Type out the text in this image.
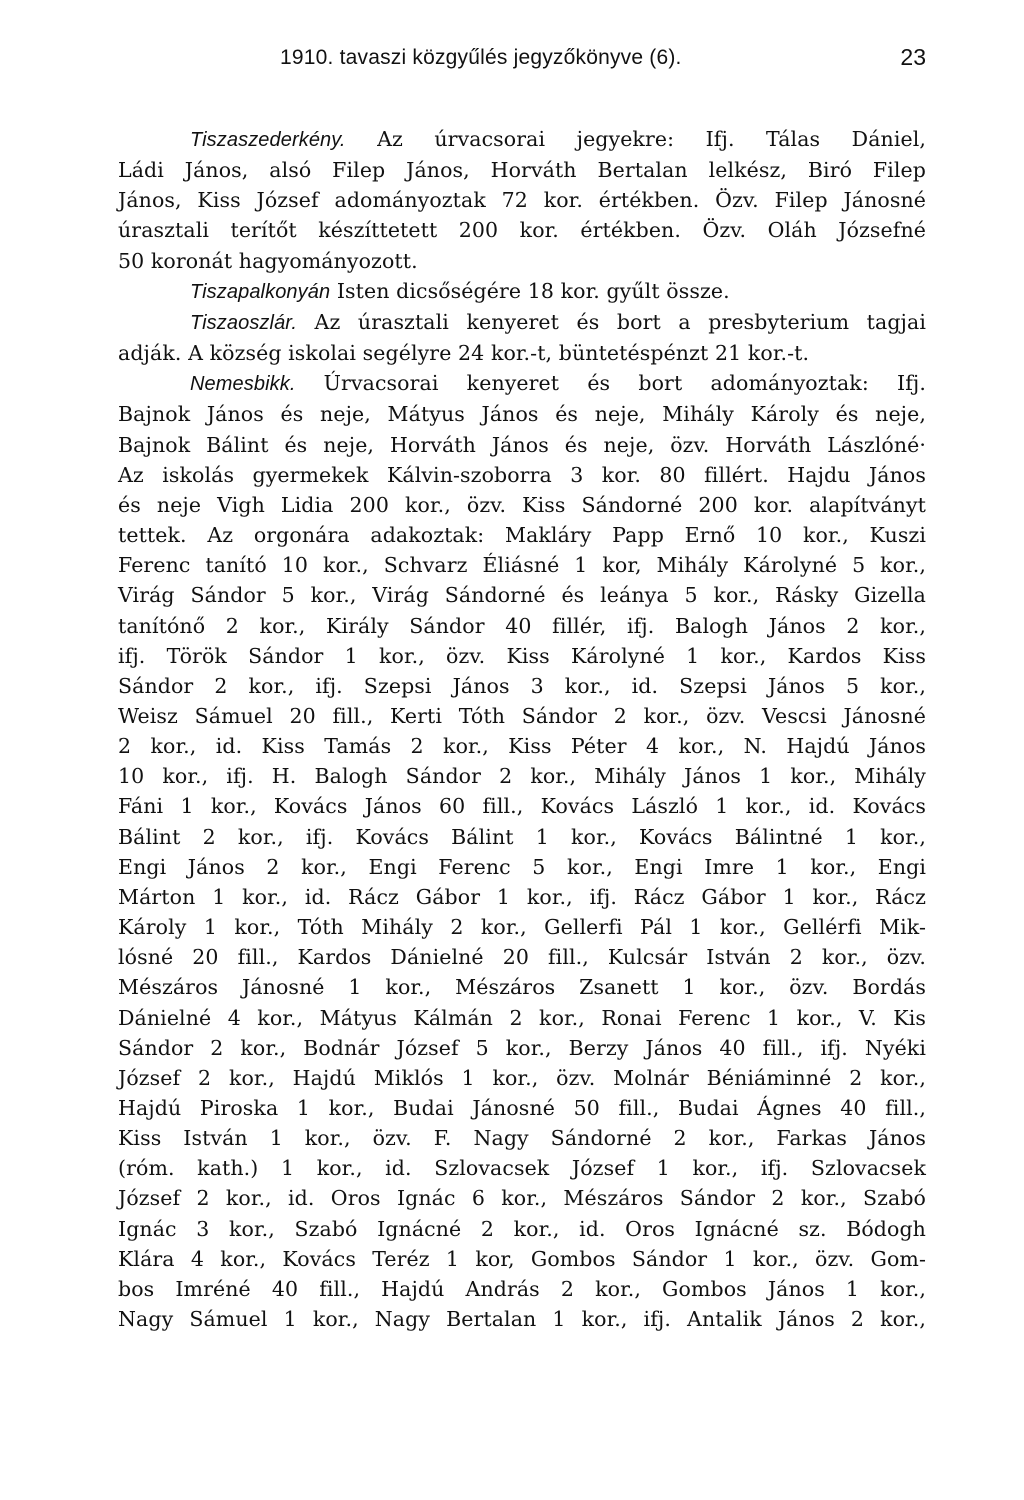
1910. tavaszi közgyűlés jegyzőkönyve (6).	23
Tiszaszederkény. Az úrvacsorai jegyekre: Ifj. Tálas Dániel,
Ládi János, alsó Filep János, Horváth Bertalan lelkész, Biró Filep
János, Kiss József adományoztak 72 kor. értékben. Özv. Filep Jánosné
úrasztali terítőt készíttetett 200 kor. értékben. Özv. Oláh Józsefné
50 koronát hagyományozott.
Tiszapalkonyán Isten dicsőségére 18 kor. gyűlt össze.
Tiszaoszlár. Az úrasztali kenyeret és bort a presbyterium tagjai
adják. A község iskolai segélyre 24 kor.-t, büntetéspénzt 21 kor.-t.
Nemesbikk. Úrvacsorai kenyeret és bort adományoztak: Ifj.
Bajnok János és neje, Mátyus János és neje, Mihály Károly és neje,
Bajnok Bálint és neje, Horváth János és neje, özv. Horváth Lászlóné·
Az iskolás gyermekek Kálvin-szoborra 3 kor. 80 fillért. Hajdu János
és neje Vigh Lidia 200 kor., özv. Kiss Sándorné 200 kor. alapítványt
tettek. Az orgonára adakoztak: Makláry Papp Ernő 10 kor., Kuszi
Ferenc tanító 10 kor., Schvarz Éliásné 1 kor, Mihály Károlyné 5 kor.,
Virág Sándor 5 kor., Virág Sándorné és leánya 5 kor., Rásky Gizella
tanítónő 2 kor., Király Sándor 40 fillér, ifj. Balogh János 2 kor.,
ifj. Török Sándor 1 kor., özv. Kiss Károlyné 1 kor., Kardos Kiss
Sándor 2 kor., ifj. Szepsi János 3 kor., id. Szepsi János 5 kor.,
Weisz Sámuel 20 fill., Kerti Tóth Sándor 2 kor., özv. Vescsi Jánosné
2 kor., id. Kiss Tamás 2 kor., Kiss Péter 4 kor., N. Hajdú János
10 kor., ifj. H. Balogh Sándor 2 kor., Mihály János 1 kor., Mihály
Fáni 1 kor., Kovács János 60 fill., Kovács László 1 kor., id. Kovács
Bálint 2 kor., ifj. Kovács Bálint 1 kor., Kovács Bálintné 1 kor.,
Engi János 2 kor., Engi Ferenc 5 kor., Engi Imre 1 kor., Engi
Márton 1 kor., id. Rácz Gábor 1 kor., ifj. Rácz Gábor 1 kor., Rácz
Károly 1 kor., Tóth Mihály 2 kor., Gellerfi Pál 1 kor., Gellérfi Mik-
lósné 20 fill., Kardos Dánielné 20 fill., Kulcsár István 2 kor., özv.
Mészáros Jánosné 1 kor., Mészáros Zsanett 1 kor., özv. Bordás
Dánielné 4 kor., Mátyus Kálmán 2 kor., Ronai Ferenc 1 kor., V. Kis
Sándor 2 kor., Bodnár József 5 kor., Berzy János 40 fill., ifj. Nyéki
József 2 kor., Hajdú Miklós 1 kor., özv. Molnár Béniáminné 2 kor.,
Hajdú Piroska 1 kor., Budai Jánosné 50 fill., Budai Ágnes 40 fill.,
Kiss István 1 kor., özv. F. Nagy Sándorné 2 kor., Farkas János
(róm. kath.) 1 kor., id. Szlovacsek József 1 kor., ifj. Szlovacsek
József 2 kor., id. Oros Ignác 6 kor., Mészáros Sándor 2 kor., Szabó
Ignác 3 kor., Szabó Ignácné 2 kor., id. Oros Ignácné sz. Bódogh
Klára 4 kor., Kovács Teréz 1 kor, Gombos Sándor 1 kor., özv. Gom-
bos Imréné 40 fill., Hajdú András 2 kor., Gombos János 1 kor.,
Nagy Sámuel 1 kor., Nagy Bertalan 1 kor., ifj. Antalik János 2 kor.,
